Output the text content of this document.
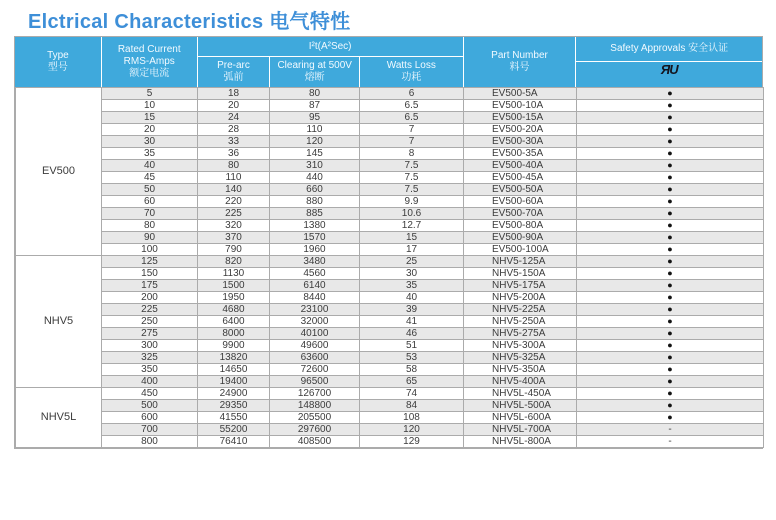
Elctrical Characteristics 电气特性
Type
型号
Rated Current
RMS-Amps
额定电流
I²t(A²Sec)
Pre-arc
弧前
Clearing at 500V
熔断
Watts Loss
功耗
Part Number
料号
Safety Approvals 安全认证
ЯU
EV500	5	18	80	6	EV500-5A	●
	10	20	87	6.5	EV500-10A	●
	15	24	95	6.5	EV500-15A	●
	20	28	110	7	EV500-20A	●
	30	33	120	7	EV500-30A	●
	35	36	145	8	EV500-35A	●
	40	80	310	7.5	EV500-40A	●
	45	110	440	7.5	EV500-45A	●
	50	140	660	7.5	EV500-50A	●
	60	220	880	9.9	EV500-60A	●
	70	225	885	10.6	EV500-70A	●
	80	320	1380	12.7	EV500-80A	●
	90	370	1570	15	EV500-90A	●
	100	790	1960	17	EV500-100A	●
NHV5	125	820	3480	25	NHV5-125A	●
	150	1130	4560	30	NHV5-150A	●
	175	1500	6140	35	NHV5-175A	●
	200	1950	8440	40	NHV5-200A	●
	225	4680	23100	39	NHV5-225A	●
	250	6400	32000	41	NHV5-250A	●
	275	8000	40100	46	NHV5-275A	●
	300	9900	49600	51	NHV5-300A	●
	325	13820	63600	53	NHV5-325A	●
	350	14650	72600	58	NHV5-350A	●
	400	19400	96500	65	NHV5-400A	●
NHV5L	450	24900	126700	74	NHV5L-450A	●
	500	29350	148800	84	NHV5L-500A	●
	600	41550	205500	108	NHV5L-600A	●
	700	55200	297600	120	NHV5L-700A	-
	800	76410	408500	129	NHV5L-800A	-
